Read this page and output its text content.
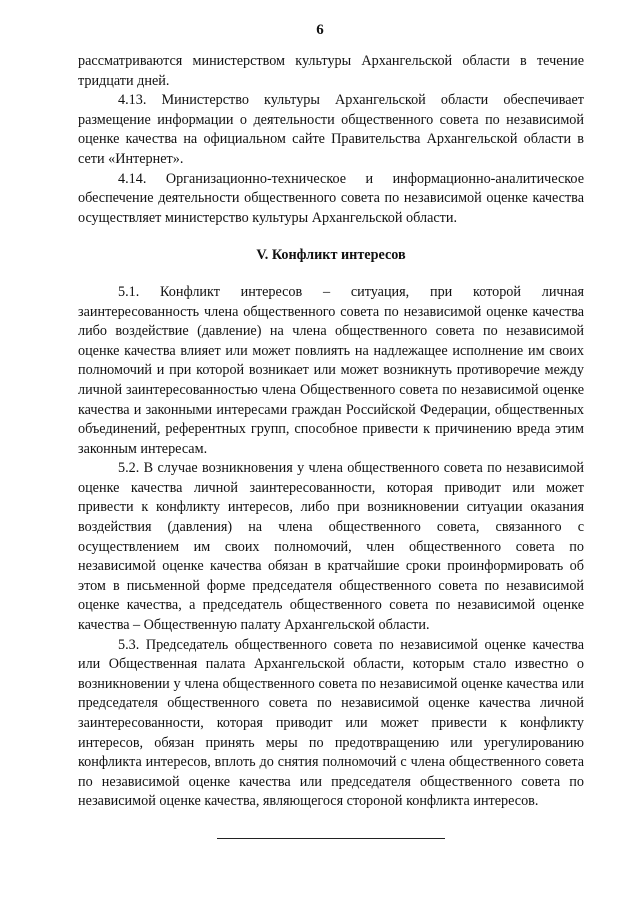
6

рассматриваются министерством культуры Архангельской области в течение тридцати дней.

4.13. Министерство культуры Архангельской области обеспечивает размещение информации о деятельности общественного совета по независимой оценке качества на официальном сайте Правительства Архангельской области в сети «Интернет».

4.14. Организационно-техническое и информационно-аналитическое обеспечение деятельности общественного совета по независимой оценке качества осуществляет министерство культуры Архангельской области.

V. Конфликт интересов

5.1. Конфликт интересов – ситуация, при которой личная заинтересованность члена общественного совета по независимой оценке качества либо воздействие (давление) на члена общественного совета по независимой оценке качества влияет или может повлиять на надлежащее исполнение им своих полномочий и при которой возникает или может возникнуть противоречие между личной заинтересованностью члена Общественного совета по независимой оценке качества и законными интересами граждан Российской Федерации, общественных объединений, референтных групп, способное привести к причинению вреда этим законным интересам.

5.2. В случае возникновения у члена общественного совета по независимой оценке качества личной заинтересованности, которая приводит или может привести к конфликту интересов, либо при возникновении ситуации оказания воздействия (давления) на члена общественного совета, связанного с осуществлением им своих полномочий, член общественного совета по независимой оценке качества обязан в кратчайшие сроки проинформировать об этом в письменной форме председателя общественного совета по независимой оценке качества, а председатель общественного совета по независимой оценке качества – Общественную палату Архангельской области.

5.3. Председатель общественного совета по независимой оценке качества или Общественная палата Архангельской области, которым стало известно о возникновении у члена общественного совета по независимой оценке качества или председателя общественного совета по независимой оценке качества личной заинтересованности, которая приводит или может привести к конфликту интересов, обязан принять меры по предотвращению или урегулированию конфликта интересов, вплоть до снятия полномочий с члена общественного совета по независимой оценке качества или председателя общественного совета по независимой оценке качества, являющегося стороной конфликта интересов.
